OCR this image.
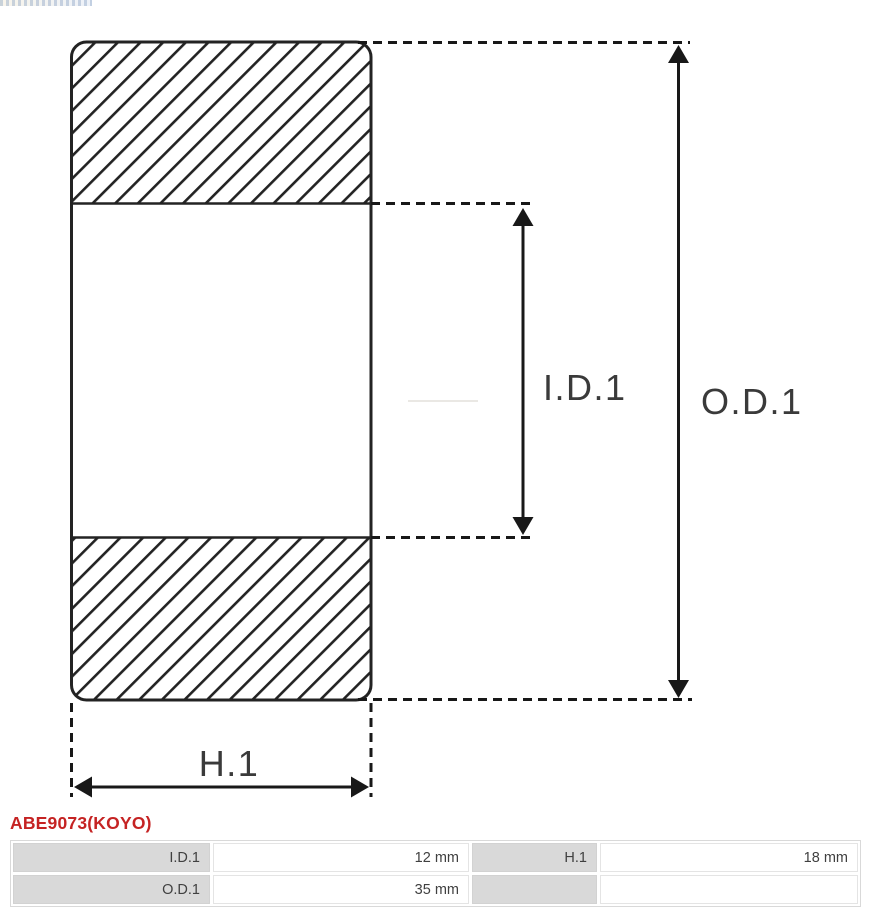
I.D.1 O.D.1
H.1
ABE9073(KOYO)
I.D.1	12 mm	H.1	18 mm
O.D.1	35 mm
